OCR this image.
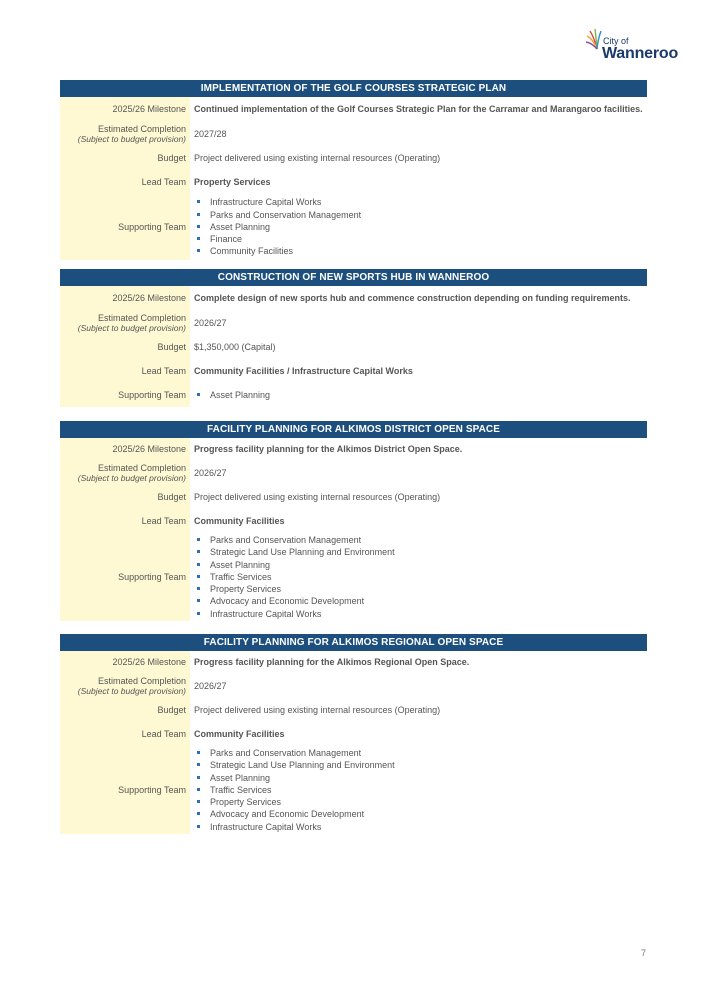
City of
Wanneroo
IMPLEMENTATION OF THE GOLF COURSES STRATEGIC PLAN
2025/26 Milestone Continued implementation of the Golf Courses Strategic Plan for the Carramar and Marangaroo facilities.
Estimated Completion
(Subject to budget provision) 2027/28
Budget Project delivered using existing internal resources (Operating)
Lead Team Property Services
Supporting Team
Infrastructure Capital Works
Parks and Conservation Management
Asset Planning
Finance
Community Facilities
CONSTRUCTION OF NEW SPORTS HUB IN WANNEROO
2025/26 Milestone Complete design of new sports hub and commence construction depending on funding requirements.
Estimated Completion
(Subject to budget provision) 2026/27
Budget $1,350,000 (Capital)
Lead Team Community Facilities / Infrastructure Capital Works
Supporting Team	Asset Planning
FACILITY PLANNING FOR ALKIMOS DISTRICT OPEN SPACE
2025/26 Milestone Progress facility planning for the Alkimos District Open Space.
Estimated Completion
(Subject to budget provision) 2026/27
Budget Project delivered using existing internal resources (Operating)
Lead Team Community Facilities
Supporting Team
Parks and Conservation Management
Strategic Land Use Planning and Environment
Asset Planning
Traffic Services
Property Services
Advocacy and Economic Development
Infrastructure Capital Works
FACILITY PLANNING FOR ALKIMOS REGIONAL OPEN SPACE
2025/26 Milestone Progress facility planning for the Alkimos Regional Open Space.
Estimated Completion
(Subject to budget provision) 2026/27
Budget Project delivered using existing internal resources (Operating)
Lead Team Community Facilities
Supporting Team
Parks and Conservation Management
Strategic Land Use Planning and Environment
Asset Planning
Traffic Services
Property Services
Advocacy and Economic Development
Infrastructure Capital Works
7
